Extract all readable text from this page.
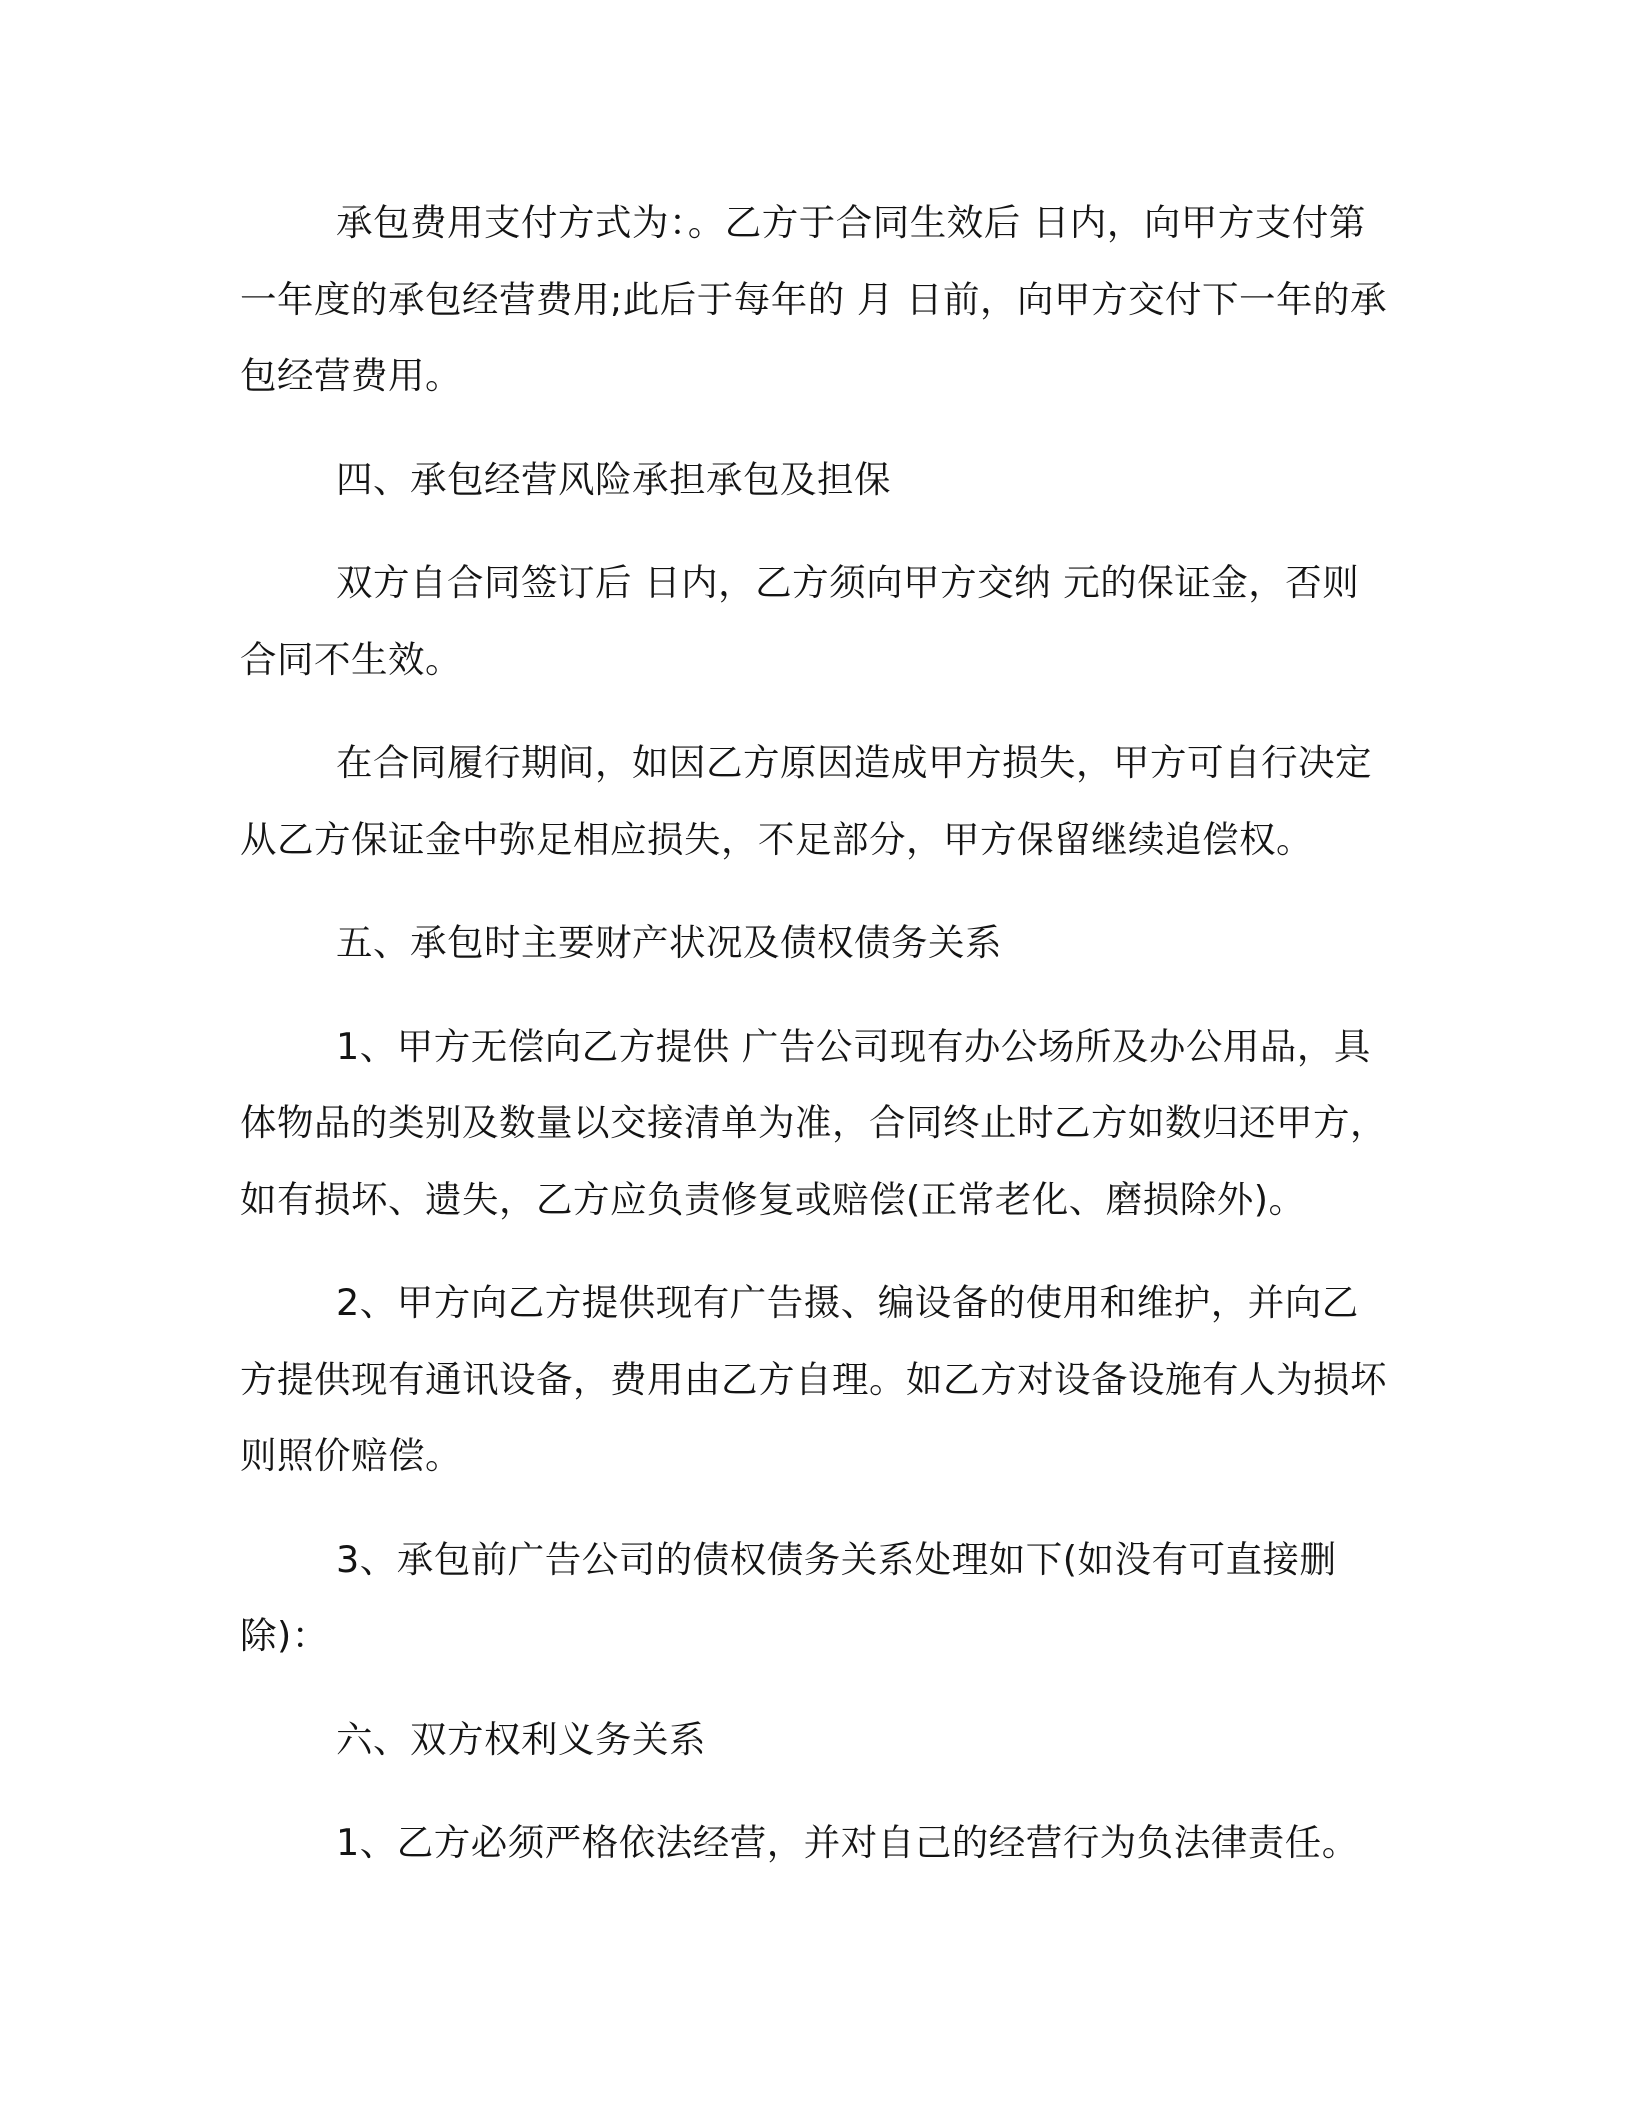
承包费用支付方式为：。乙方于合同生效后 日内，向甲方支付第一年度的承包经营费用;此后于每年的 月 日前，向甲方交付下一年的承包经营费用。

四、承包经营风险承担承包及担保

双方自合同签订后 日内，乙方须向甲方交纳 元的保证金，否则合同不生效。

在合同履行期间，如因乙方原因造成甲方损失，甲方可自行决定从乙方保证金中弥足相应损失，不足部分，甲方保留继续追偿权。

五、承包时主要财产状况及债权债务关系

1、甲方无偿向乙方提供 广告公司现有办公场所及办公用品，具体物品的类别及数量以交接清单为准，合同终止时乙方如数归还甲方，如有损坏、遗失，乙方应负责修复或赔偿(正常老化、磨损除外)。

2、甲方向乙方提供现有广告摄、编设备的使用和维护，并向乙方提供现有通讯设备，费用由乙方自理。如乙方对设备设施有人为损坏则照价赔偿。

3、承包前广告公司的债权债务关系处理如下(如没有可直接删除)：

六、双方权利义务关系

1、乙方必须严格依法经营，并对自己的经营行为负法律责任。
